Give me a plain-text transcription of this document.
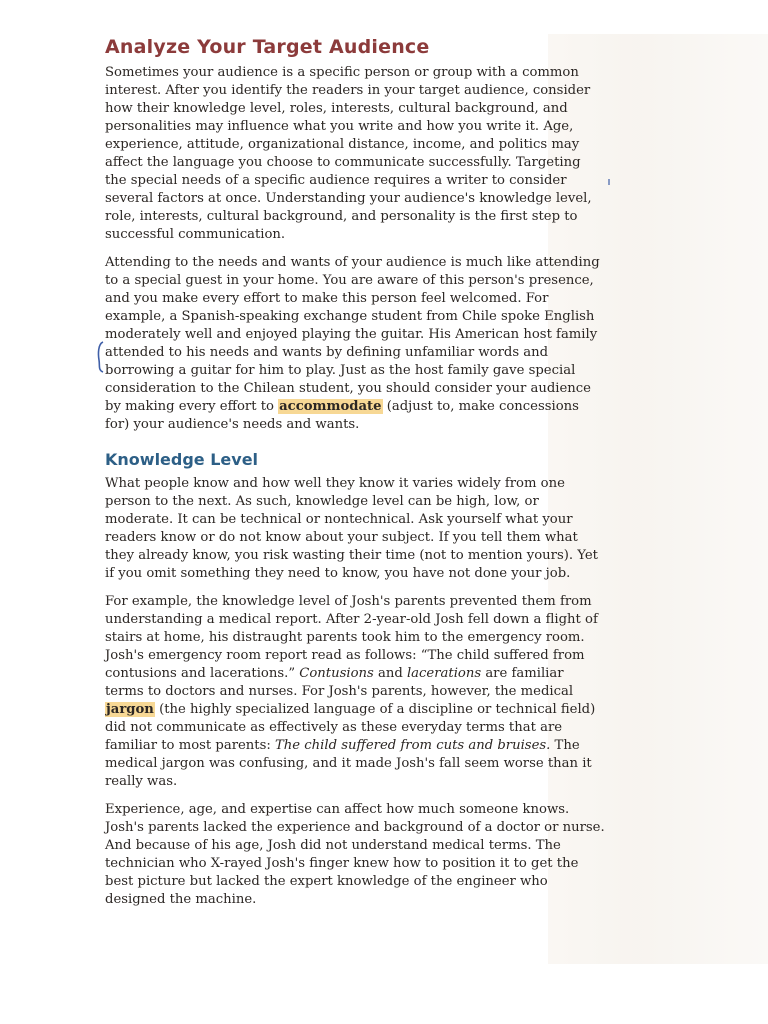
Analyze Your Target Audience

Sometimes your audience is a specific person or group with a common interest. After you identify the readers in your target audience, consider how their knowledge level, roles, interests, cultural background, and personalities may influence what you write and how you write it. Age, experience, attitude, organizational distance, income, and politics may affect the language you choose to communicate successfully. Targeting the special needs of a specific audience requires a writer to consider several factors at once. Understanding your audience's knowledge level, role, interests, cultural background, and personality is the first step to successful communication.

Attending to the needs and wants of your audience is much like attending to a special guest in your home. You are aware of this person's presence, and you make every effort to make this person feel welcomed. For example, a Spanish-speaking exchange student from Chile spoke English moderately well and enjoyed playing the guitar. His American host family attended to his needs and wants by defining unfamiliar words and borrowing a guitar for him to play. Just as the host family gave special consideration to the Chilean student, you should consider your audience by making every effort to accommodate (adjust to, make concessions for) your audience's needs and wants.

Knowledge Level

What people know and how well they know it varies widely from one person to the next. As such, knowledge level can be high, low, or moderate. It can be technical or nontechnical. Ask yourself what your readers know or do not know about your subject. If you tell them what they already know, you risk wasting their time (not to mention yours). Yet if you omit something they need to know, you have not done your job.

For example, the knowledge level of Josh's parents prevented them from understanding a medical report. After 2-year-old Josh fell down a flight of stairs at home, his distraught parents took him to the emergency room. Josh's emergency room report read as follows: “The child suffered from contusions and lacerations.” Contusions and lacerations are familiar terms to doctors and nurses. For Josh's parents, however, the medical jargon (the highly specialized language of a discipline or technical field) did not communicate as effectively as these everyday terms that are familiar to most parents: The child suffered from cuts and bruises. The medical jargon was confusing, and it made Josh's fall seem worse than it really was.

Experience, age, and expertise can affect how much someone knows. Josh's parents lacked the experience and background of a doctor or nurse. And because of his age, Josh did not understand medical terms. The technician who X-rayed Josh's finger knew how to position it to get the best picture but lacked the expert knowledge of the engineer who designed the machine.
